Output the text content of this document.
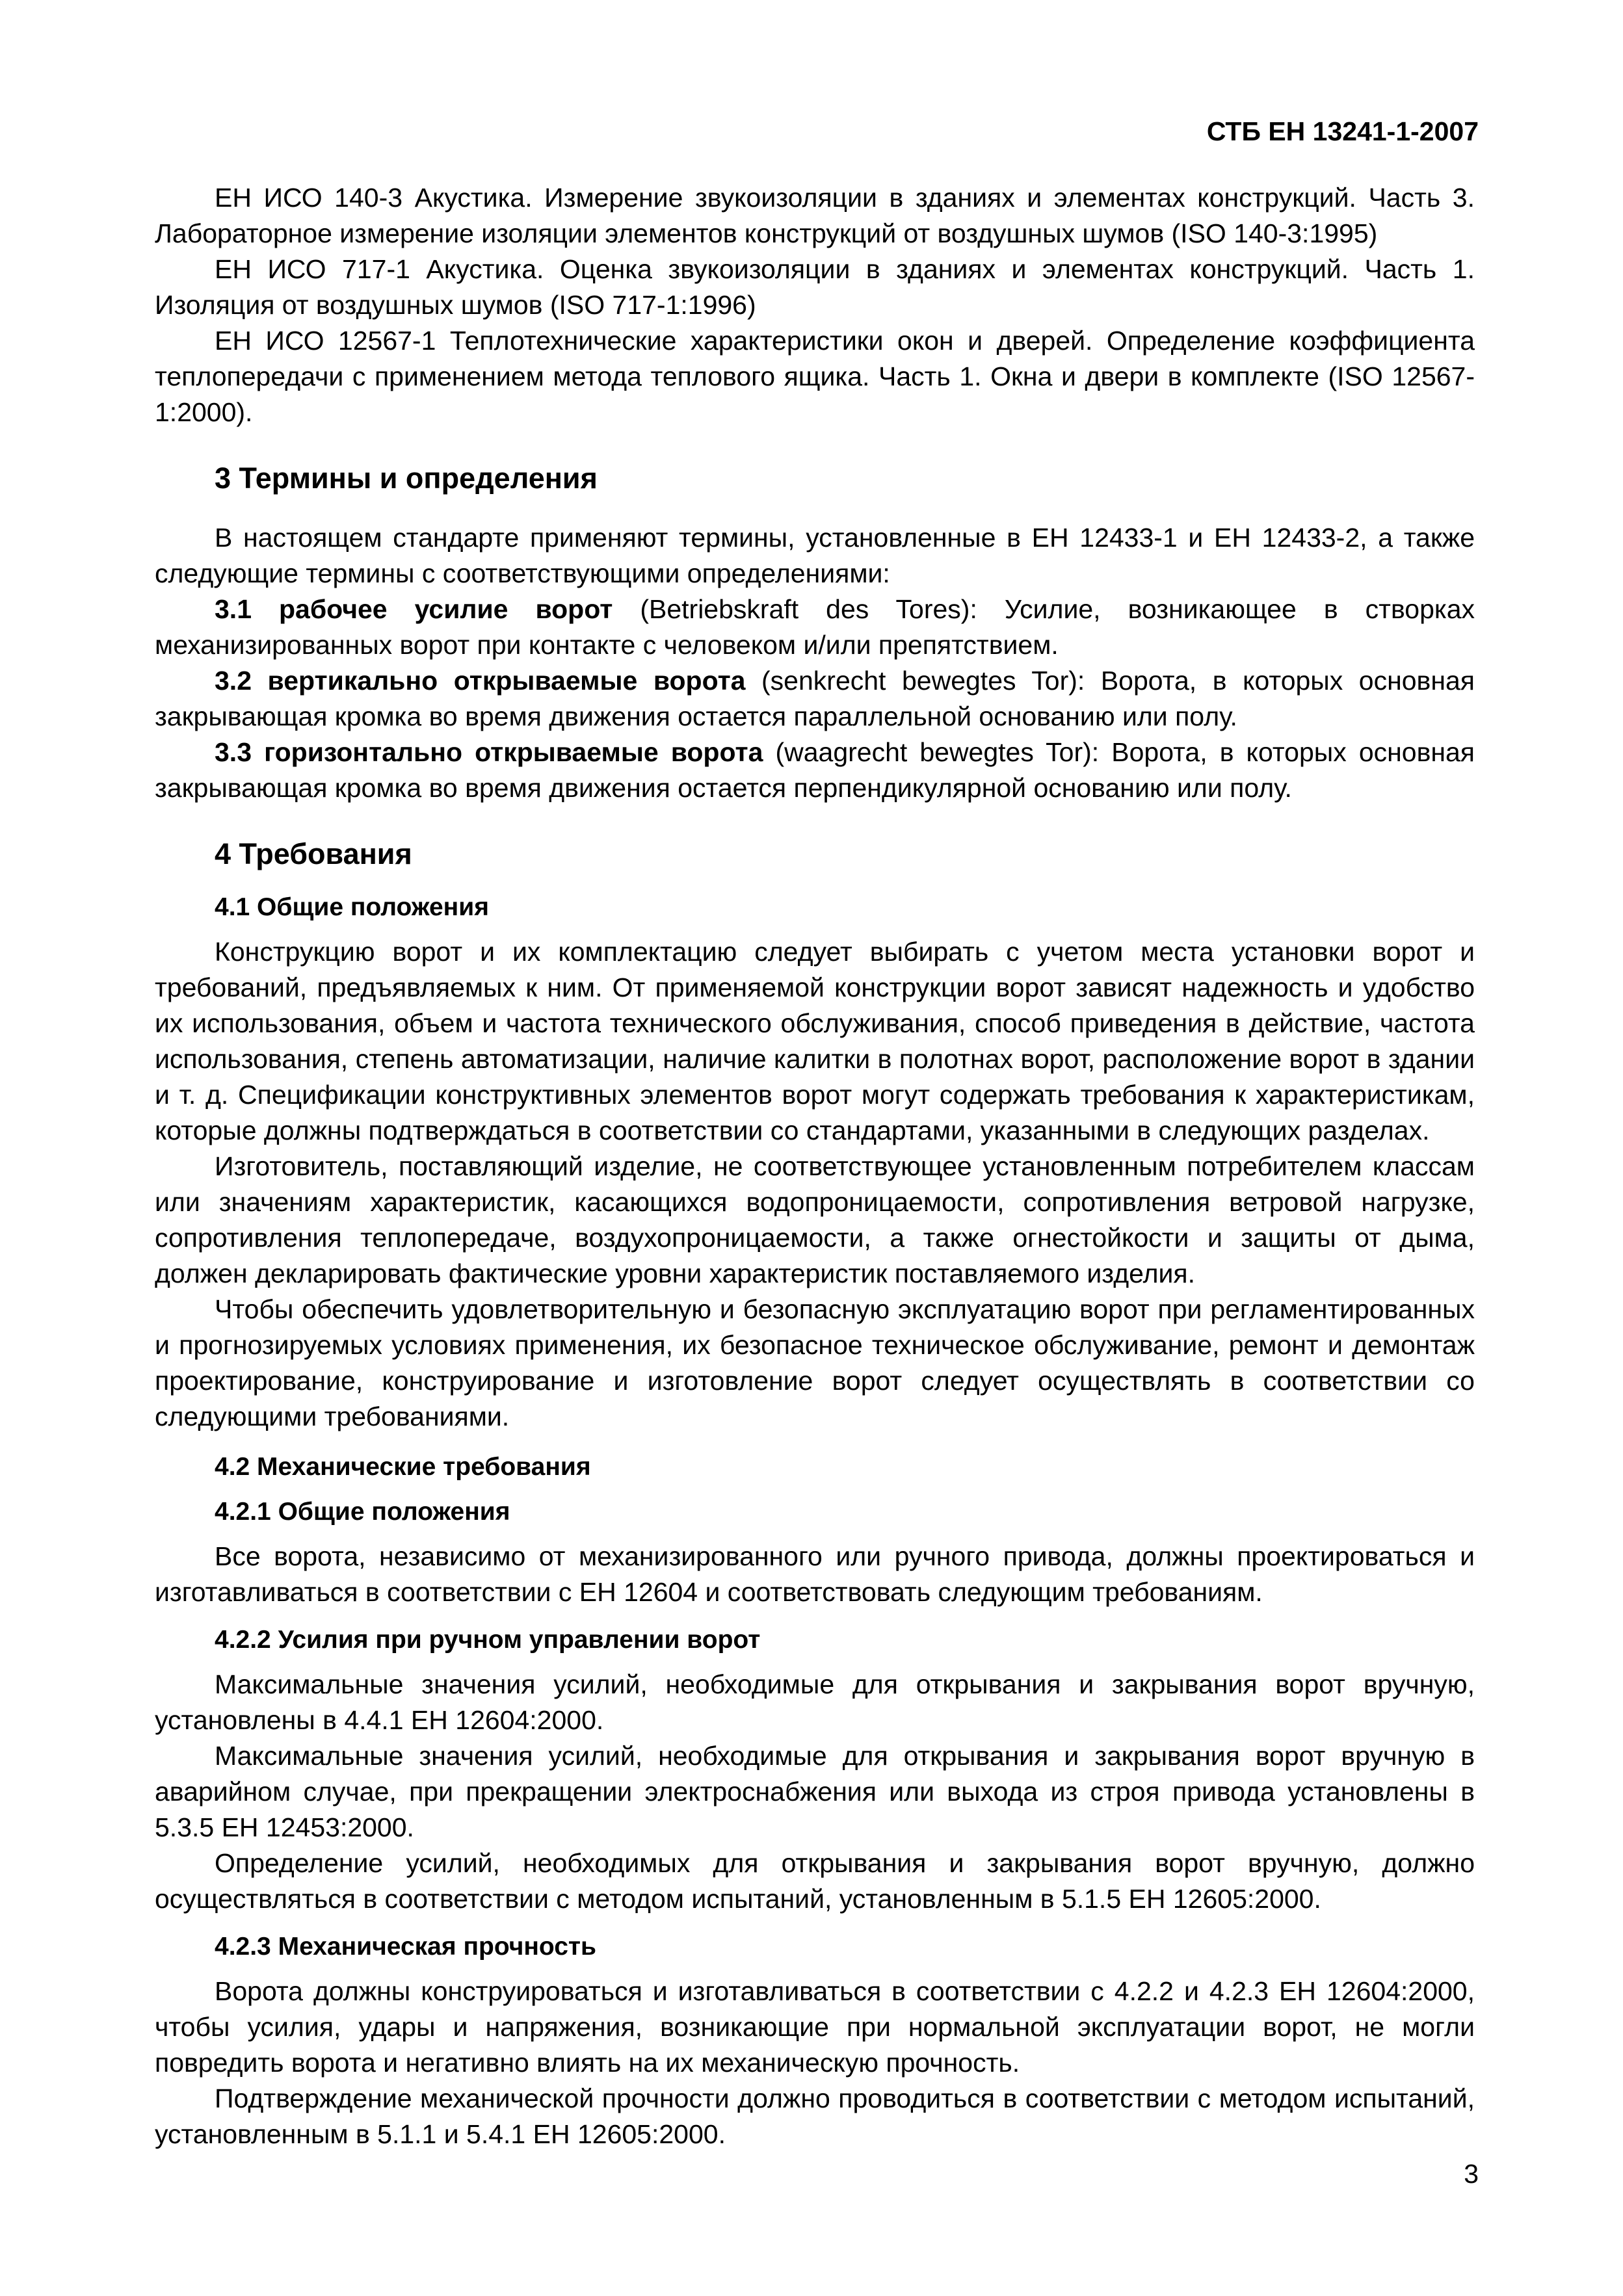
СТБ ЕН 13241-1-2007

ЕН ИСО 140-3 Акустика. Измерение звукоизоляции в зданиях и элементах конструкций. Часть 3. Лабораторное измерение изоляции элементов конструкций от воздушных шумов (ISO 140-3:1995)

ЕН ИСО 717-1 Акустика. Оценка звукоизоляции в зданиях и элементах конструкций. Часть 1. Изоляция от воздушных шумов (ISO 717-1:1996)

ЕН ИСО 12567-1 Теплотехнические характеристики окон и дверей. Определение коэффициента теплопередачи с применением метода теплового ящика. Часть 1. Окна и двери в комплекте (ISO 12567-1:2000).

3 Термины и определения

В настоящем стандарте применяют термины, установленные в ЕН 12433-1 и ЕН 12433-2, а также следующие термины с соответствующими определениями:

3.1 рабочее усилие ворот (Betriebskraft des Tores): Усилие, возникающее в створках механизированных ворот при контакте с человеком и/или препятствием.

3.2 вертикально открываемые ворота (senkrecht bewegtes Tor): Ворота, в которых основная закрывающая кромка во время движения остается параллельной основанию или полу.

3.3 горизонтально открываемые ворота (waagrecht bewegtes Tor): Ворота, в которых основная закрывающая кромка во время движения остается перпендикулярной основанию или полу.

4 Требования
4.1 Общие положения

Конструкцию ворот и их комплектацию следует выбирать с учетом места установки ворот и требований, предъявляемых к ним. От применяемой конструкции ворот зависят надежность и удобство их использования, объем и частота технического обслуживания, способ приведения в действие, частота использования, степень автоматизации, наличие калитки в полотнах ворот, расположение ворот в здании и т. д. Спецификации конструктивных элементов ворот могут содержать требования к характеристикам, которые должны подтверждаться в соответствии со стандартами, указанными в следующих разделах.

Изготовитель, поставляющий изделие, не соответствующее установленным потребителем классам или значениям характеристик, касающихся водопроницаемости, сопротивления ветровой нагрузке, сопротивления теплопередаче, воздухопроницаемости, а также огнестойкости и защиты от дыма, должен декларировать фактические уровни характеристик поставляемого изделия.

Чтобы обеспечить удовлетворительную и безопасную эксплуатацию ворот при регламентированных и прогнозируемых условиях применения, их безопасное техническое обслуживание, ремонт и демонтаж проектирование, конструирование и изготовление ворот следует осуществлять в соответствии со следующими требованиями.

4.2 Механические требования
4.2.1 Общие положения

Все ворота, независимо от механизированного или ручного привода, должны проектироваться и изготавливаться в соответствии с ЕН 12604 и соответствовать следующим требованиям.

4.2.2 Усилия при ручном управлении ворот

Максимальные значения усилий, необходимые для открывания и закрывания ворот вручную, установлены в 4.4.1 ЕН 12604:2000.

Максимальные значения усилий, необходимые для открывания и закрывания ворот вручную в аварийном случае, при прекращении электроснабжения или выхода из строя привода установлены в 5.3.5 ЕН 12453:2000.

Определение усилий, необходимых для открывания и закрывания ворот вручную, должно осуществляться в соответствии с методом испытаний, установленным в 5.1.5 ЕН 12605:2000.

4.2.3 Механическая прочность

Ворота должны конструироваться и изготавливаться в соответствии с 4.2.2 и 4.2.3 ЕН 12604:2000, чтобы усилия, удары и напряжения, возникающие при нормальной эксплуатации ворот, не могли повредить ворота и негативно влиять на их механическую прочность.

Подтверждение механической прочности должно проводиться в соответствии с методом испытаний, установленным в 5.1.1 и 5.4.1 ЕН 12605:2000.

3
